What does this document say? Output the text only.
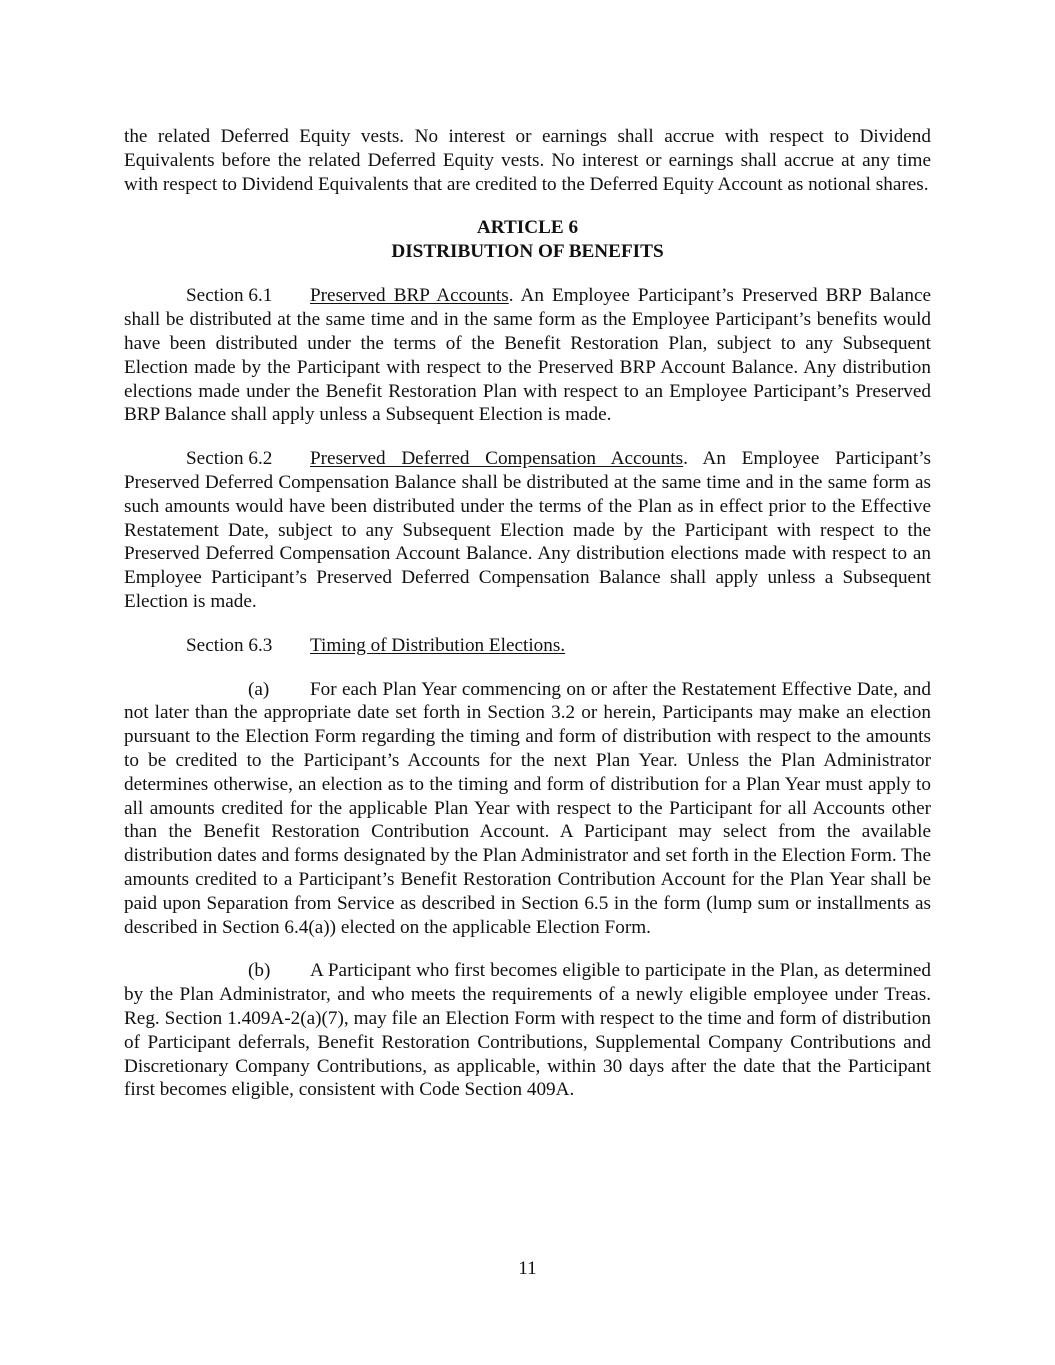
the related Deferred Equity vests. No interest or earnings shall accrue with respect to Dividend Equivalents before the related Deferred Equity vests. No interest or earnings shall accrue at any time with respect to Dividend Equivalents that are credited to the Deferred Equity Account as notional shares.

ARTICLE 6
DISTRIBUTION OF BENEFITS

Section 6.1 Preserved BRP Accounts. An Employee Participant’s Preserved BRP Balance shall be distributed at the same time and in the same form as the Employee Participant’s benefits would have been distributed under the terms of the Benefit Restoration Plan, subject to any Subsequent Election made by the Participant with respect to the Preserved BRP Account Balance. Any distribution elections made under the Benefit Restoration Plan with respect to an Employee Participant’s Preserved BRP Balance shall apply unless a Subsequent Election is made.

Section 6.2 Preserved Deferred Compensation Accounts. An Employee Participant’s Preserved Deferred Compensation Balance shall be distributed at the same time and in the same form as such amounts would have been distributed under the terms of the Plan as in effect prior to the Effective Restatement Date, subject to any Subsequent Election made by the Participant with respect to the Preserved Deferred Compensation Account Balance. Any distribution elections made with respect to an Employee Participant’s Preserved Deferred Compensation Balance shall apply unless a Subsequent Election is made.

Section 6.3 Timing of Distribution Elections.

(a) For each Plan Year commencing on or after the Restatement Effective Date, and not later than the appropriate date set forth in Section 3.2 or herein, Participants may make an election pursuant to the Election Form regarding the timing and form of distribution with respect to the amounts to be credited to the Participant’s Accounts for the next Plan Year. Unless the Plan Administrator determines otherwise, an election as to the timing and form of distribution for a Plan Year must apply to all amounts credited for the applicable Plan Year with respect to the Participant for all Accounts other than the Benefit Restoration Contribution Account. A Participant may select from the available distribution dates and forms designated by the Plan Administrator and set forth in the Election Form. The amounts credited to a Participant’s Benefit Restoration Contribution Account for the Plan Year shall be paid upon Separation from Service as described in Section 6.5 in the form (lump sum or installments as described in Section 6.4(a)) elected on the applicable Election Form.

(b) A Participant who first becomes eligible to participate in the Plan, as determined by the Plan Administrator, and who meets the requirements of a newly eligible employee under Treas. Reg. Section 1.409A-2(a)(7), may file an Election Form with respect to the time and form of distribution of Participant deferrals, Benefit Restoration Contributions, Supplemental Company Contributions and Discretionary Company Contributions, as applicable, within 30 days after the date that the Participant first becomes eligible, consistent with Code Section 409A.

11
